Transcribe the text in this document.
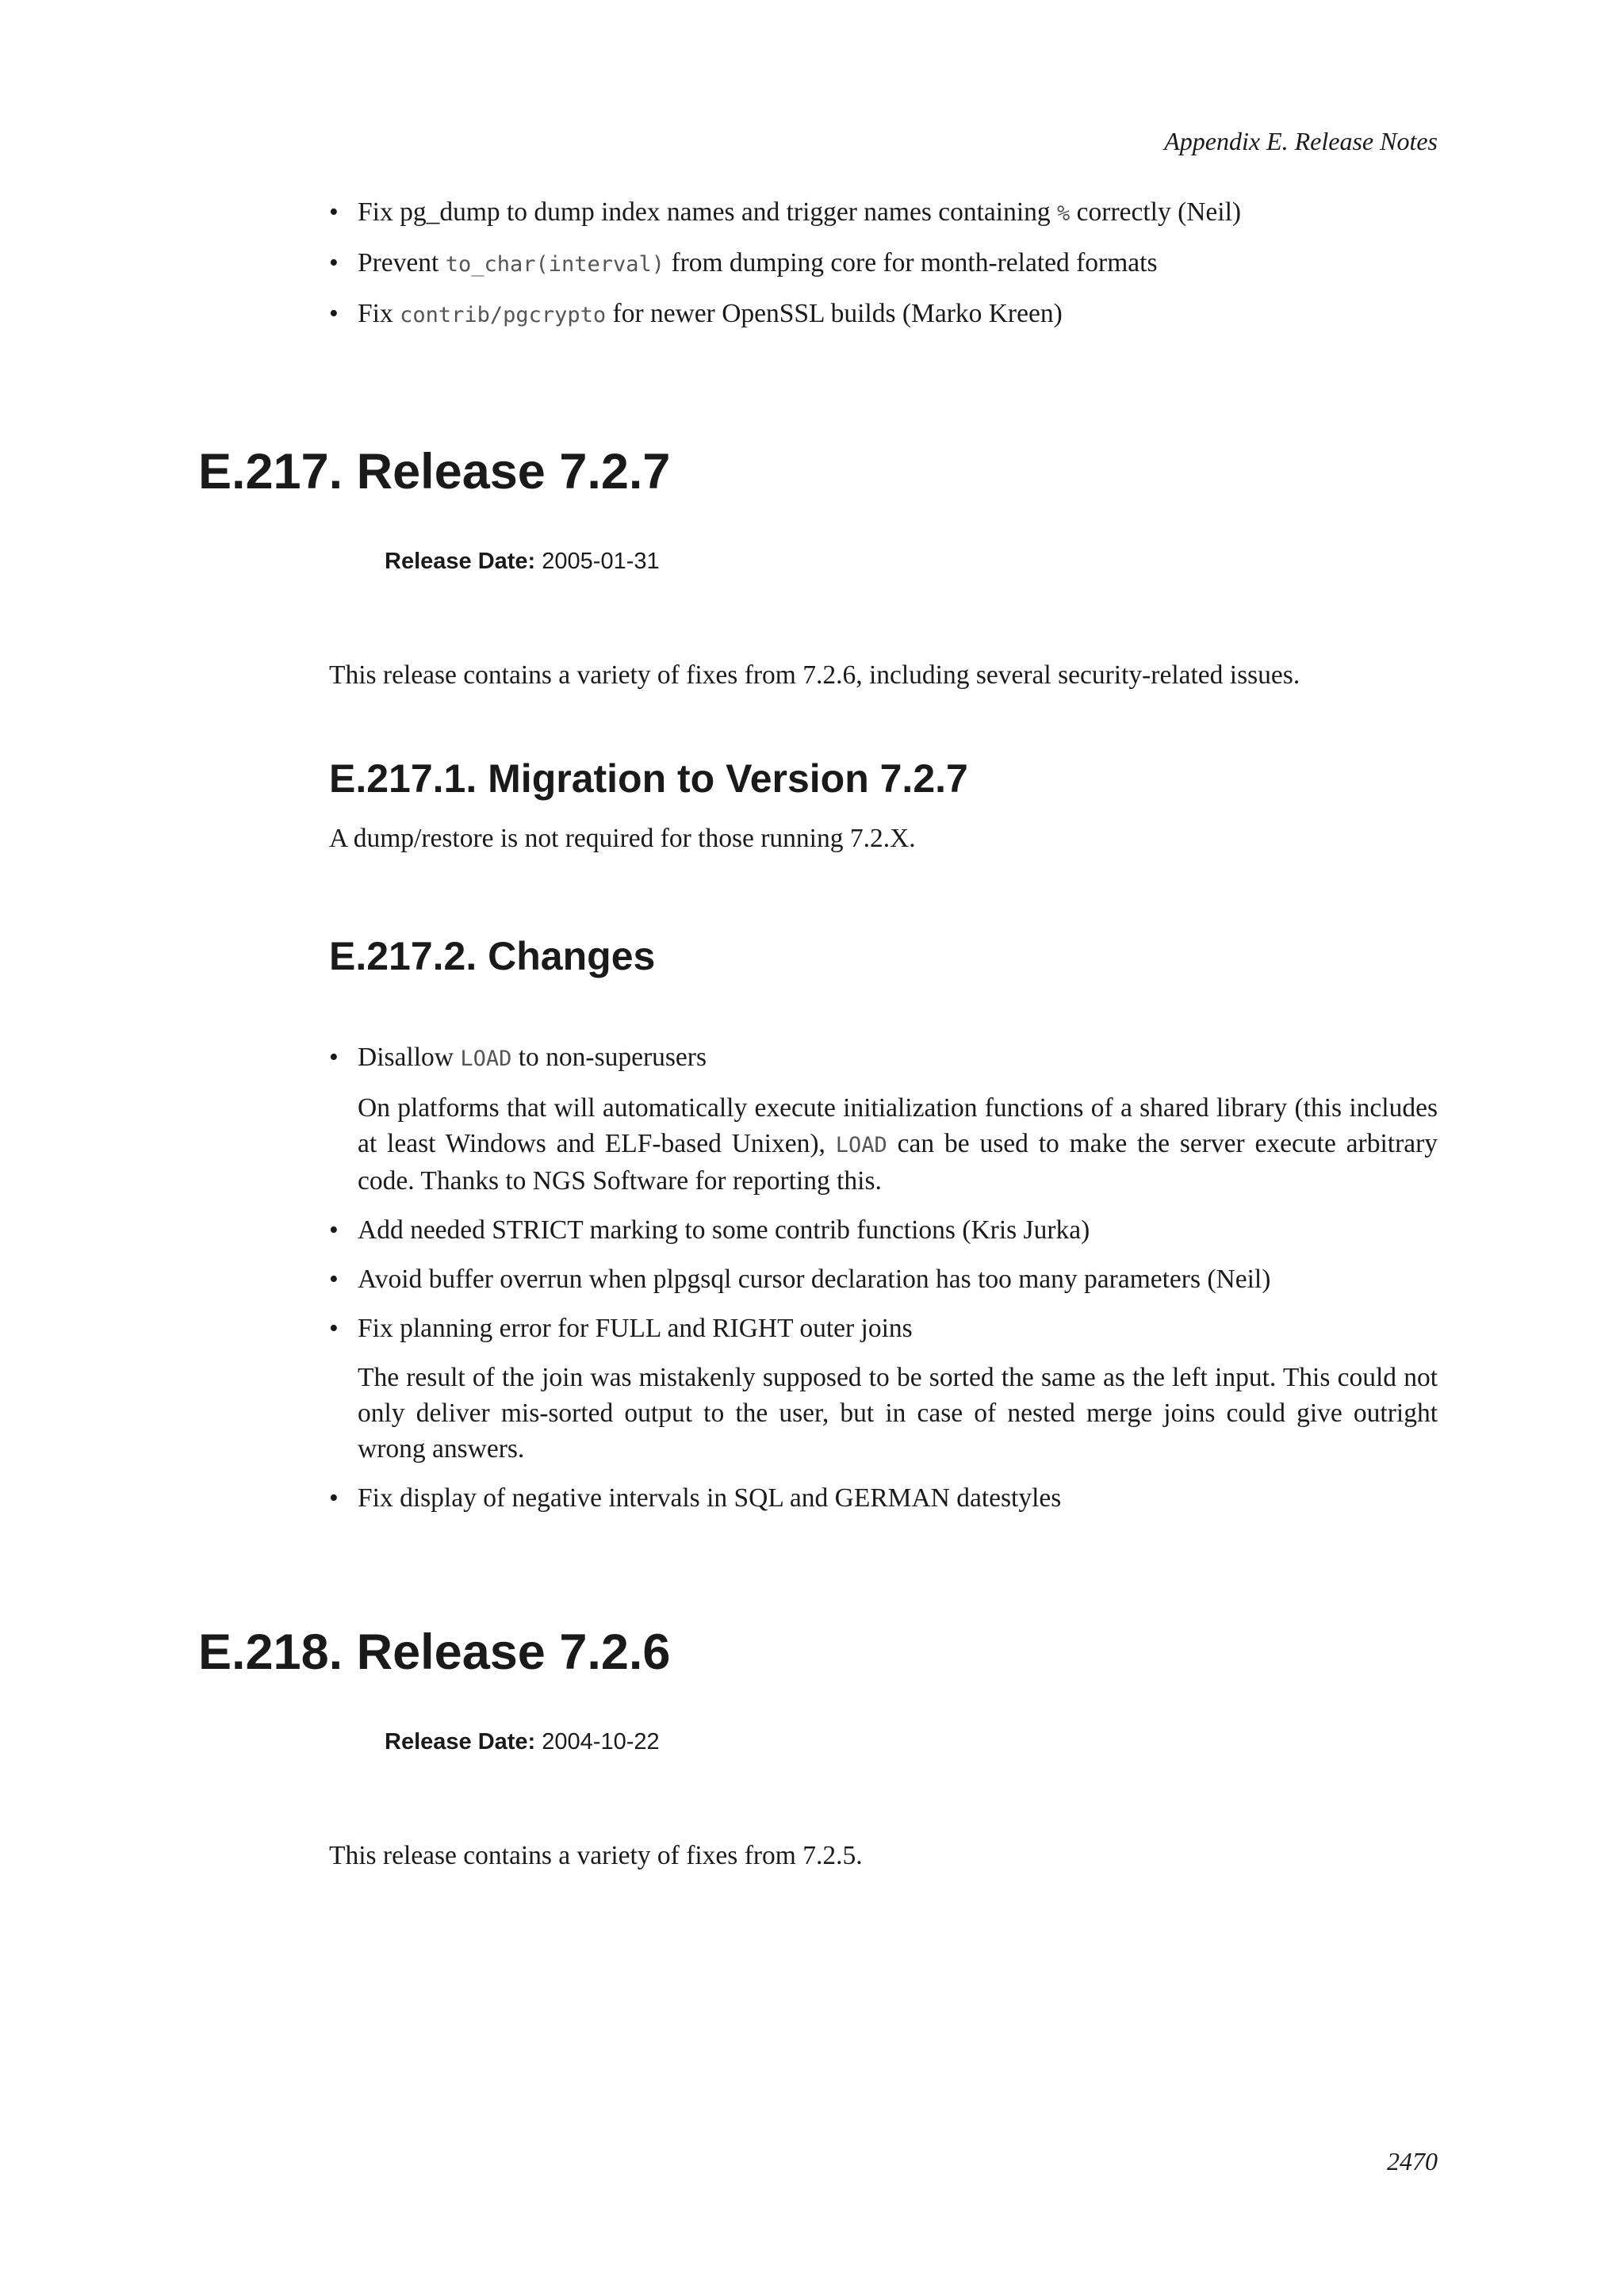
Appendix E. Release Notes
• Fix pg_dump to dump index names and trigger names containing % correctly (Neil)
• Prevent to_char(interval) from dumping core for month-related formats
• Fix contrib/pgcrypto for newer OpenSSL builds (Marko Kreen)
E.217. Release 7.2.7
Release Date: 2005-01-31

This release contains a variety of fixes from 7.2.6, including several security-related issues.

E.217.1. Migration to Version 7.2.7

A dump/restore is not required for those running 7.2.X.

E.217.2. Changes
• Disallow LOAD to non-superusers

On platforms that will automatically execute initialization functions of a shared library (this includes at least Windows and ELF-based Unixen), LOAD can be used to make the server execute arbitrary code. Thanks to NGS Software for reporting this.

• Add needed STRICT marking to some contrib functions (Kris Jurka)
• Avoid buffer overrun when plpgsql cursor declaration has too many parameters (Neil)
• Fix planning error for FULL and RIGHT outer joins

The result of the join was mistakenly supposed to be sorted the same as the left input. This could not only deliver mis-sorted output to the user, but in case of nested merge joins could give outright wrong answers.

• Fix display of negative intervals in SQL and GERMAN datestyles
E.218. Release 7.2.6
Release Date: 2004-10-22

This release contains a variety of fixes from 7.2.5.

2470
